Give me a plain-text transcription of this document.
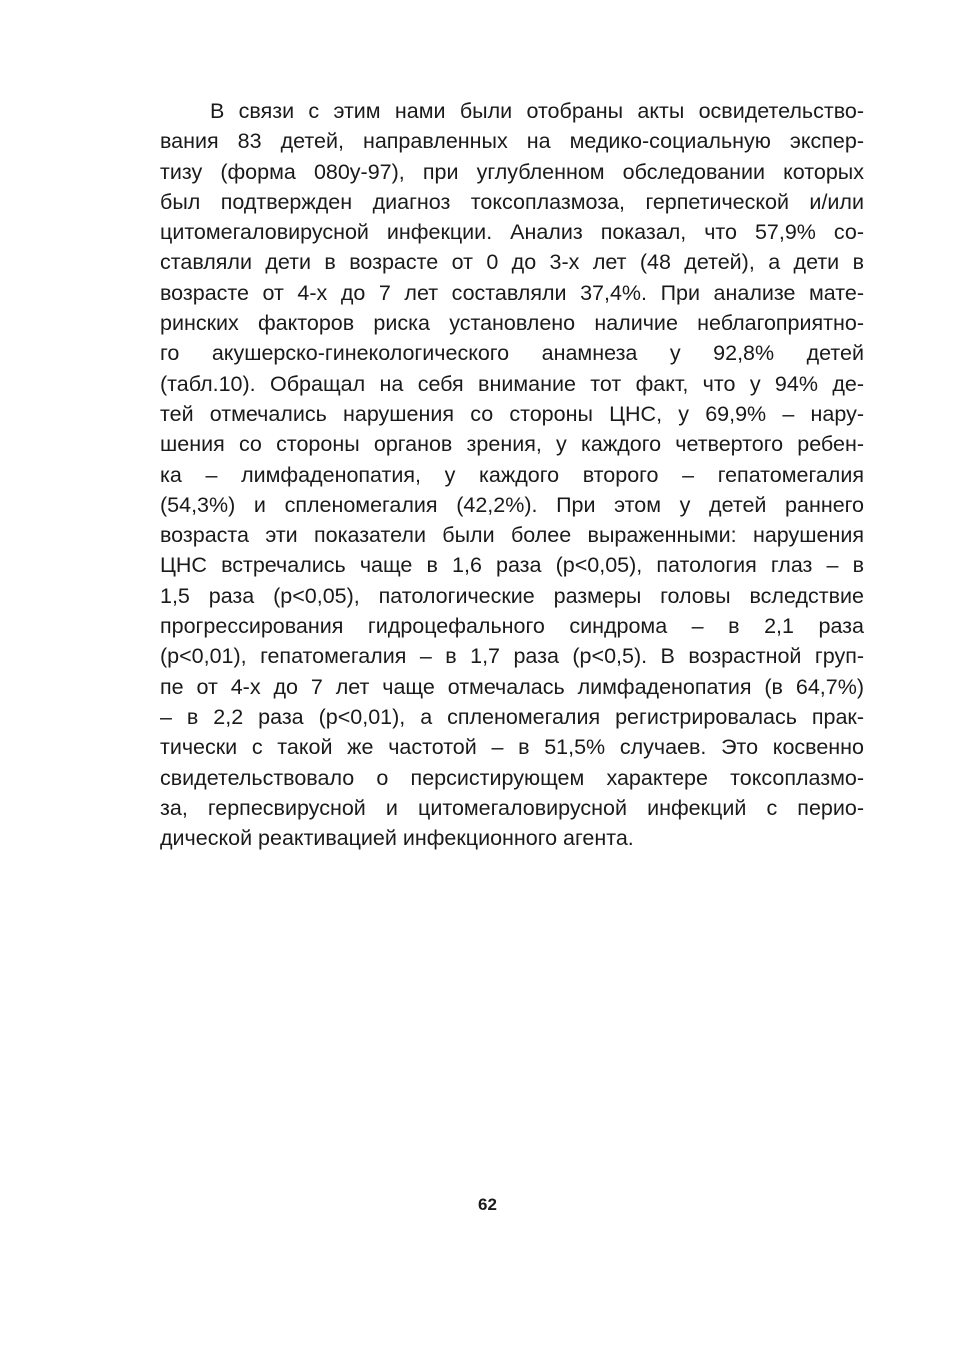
В связи с этим нами были отобраны акты освидетельство-
вания 83 детей, направленных на медико-социальную экспер-
тизу (форма 080у-97), при углубленном обследовании которых
был подтвержден диагноз токсоплазмоза, герпетической и/или
цитомегаловирусной инфекции. Анализ показал, что 57,9% со-
ставляли дети в возрасте от 0 до 3-х лет (48 детей), а дети в
возрасте от 4-х до 7 лет составляли 37,4%. При анализе мате-
ринских факторов риска установлено наличие неблагоприятно-
го акушерско-гинекологического анамнеза у 92,8% детей
(табл.10). Обращал на себя внимание тот факт, что у 94% де-
тей отмечались нарушения со стороны ЦНС, у 69,9% – нару-
шения со стороны органов зрения, у каждого четвертого ребен-
ка – лимфаденопатия, у каждого второго – гепатомегалия
(54,3%) и спленомегалия (42,2%). При этом у детей раннего
возраста эти показатели были более выраженными: нарушения
ЦНС встречались чаще в 1,6 раза (р<0,05), патология глаз – в
1,5 раза (р<0,05), патологические размеры головы вследствие
прогрессирования гидроцефального синдрома – в 2,1 раза
(р<0,01), гепатомегалия – в 1,7 раза (р<0,5). В возрастной груп-
пе от 4-х до 7 лет чаще отмечалась лимфаденопатия (в 64,7%)
– в 2,2 раза (р<0,01), а спленомегалия регистрировалась прак-
тически с такой же частотой – в 51,5% случаев. Это косвенно
свидетельствовало о персистирующем характере токсоплазмо-
за, герпесвирусной и цитомегаловирусной инфекций с перио-
дической реактивацией инфекционного агента.
62
